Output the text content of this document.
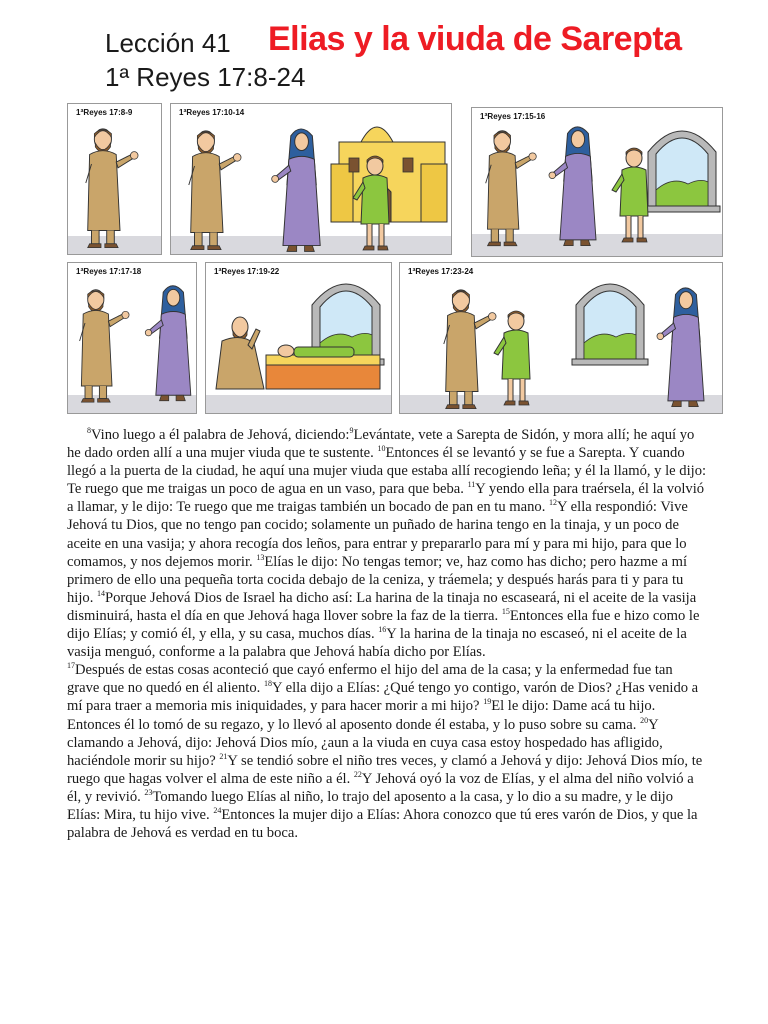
Lección 41 Elias y la viuda de Sarepta
1ª Reyes 17:8-24
1ªReyes 17:8-9	1ªReyes 17:10-14	1ªReyes 17:15-16
1ªReyes 17:17-18	1ªReyes 17:19-22	1ªReyes 17:23-24

$^8$Vino luego a él palabra de Jehová, diciendo:$^9$Levántate, vete a Sarepta de Sidón, y mora allí; he aquí yo he dado orden allí a una mujer viuda que te sustente. $^{10}$Entonces él se levantó y se fue a Sarepta. Y cuando llegó a la puerta de la ciudad, he aquí una mujer viuda que estaba allí recogiendo leña; y él la llamó, y le dijo: Te ruego que me traigas un poco de agua en un vaso, para que beba. $^{11}$Y yendo ella para traérsela, él la volvió a llamar, y le dijo: Te ruego que me traigas también un bocado de pan en tu mano. $^{12}$Y ella respondió: Vive Jehová tu Dios, que no tengo pan cocido; solamente un puñado de harina tengo en la tinaja, y un poco de aceite en una vasija; y ahora recogía dos leños, para entrar y prepararlo para mí y para mi hijo, para que lo comamos, y nos dejemos morir. $^{13}$Elías le dijo: No tengas temor; ve, haz como has dicho; pero hazme a mí primero de ello una pequeña torta cocida debajo de la ceniza, y tráemela; y después harás para ti y para tu hijo. $^{14}$Porque Jehová Dios de Israel ha dicho así: La harina de la tinaja no escaseará, ni el aceite de la vasija disminuirá, hasta el día en que Jehová haga llover sobre la faz de la tierra. $^{15}$Entonces ella fue e hizo como le dijo Elías; y comió él, y ella, y su casa, muchos días. $^{16}$Y la harina de la tinaja no escaseó, ni el aceite de la vasija menguó, conforme a la palabra que Jehová había dicho por Elías.

$^{17}$Después de estas cosas aconteció que cayó enfermo el hijo del ama de la casa; y la enfermedad fue tan grave que no quedó en él aliento. $^{18}$Y ella dijo a Elías: ¿Qué tengo yo contigo, varón de Dios? ¿Has venido a mí para traer a memoria mis iniquidades, y para hacer morir a mi hijo? $^{19}$El le dijo: Dame acá tu hijo. Entonces él lo tomó de su regazo, y lo llevó al aposento donde él estaba, y lo puso sobre su cama. $^{20}$Y clamando a Jehová, dijo: Jehová Dios mío, ¿aun a la viuda en cuya casa estoy hospedado has afligido, haciéndole morir su hijo? $^{21}$Y se tendió sobre el niño tres veces, y clamó a Jehová y dijo: Jehová Dios mío, te ruego que hagas volver el alma de este niño a él. $^{22}$Y Jehová oyó la voz de Elías, y el alma del niño volvió a él, y revivió. $^{23}$Tomando luego Elías al niño, lo trajo del aposento a la casa, y lo dio a su madre, y le dijo Elías: Mira, tu hijo vive. $^{24}$Entonces la mujer dijo a Elías: Ahora conozco que tú eres varón de Dios, y que la palabra de Jehová es verdad en tu boca.
